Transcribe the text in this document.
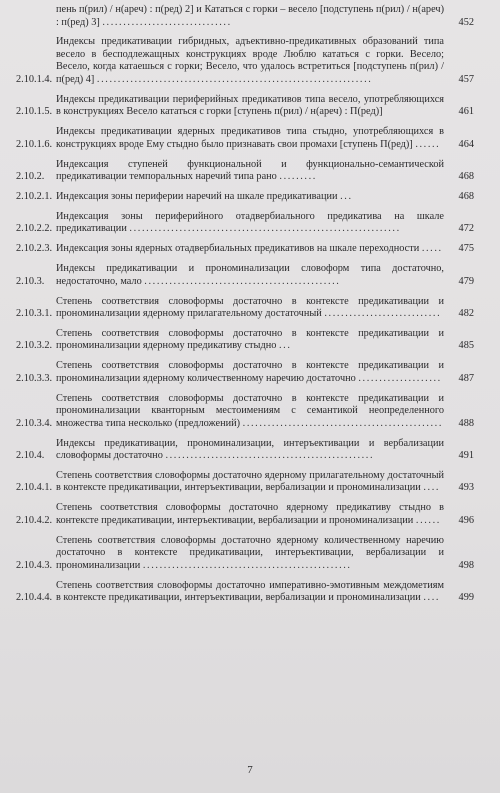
пень п(рил) / н(ареч) : п(ред) 2] и Кататься с горки – весело [подступень п(рил) / н(ареч) : п(ред) 3] ...............................	452
2.10.1.4.
Индексы предикативации гибридных, адъективно-предикативных образований типа весело в бесподлежащных конструкциях вроде Люблю кататься с горки. Весело; Весело, когда катаешься с горки; Весело, что удалось встретиться [подступень п(рил) / п(ред) 4] ..................................................................	457
2.10.1.5.
Индексы предикативации периферийных предикативов типа весело, употребляющихся в конструкциях Весело кататься с горки [ступень п(рил) / н(ареч) : П(ред)]	461
2.10.1.6.
Индексы предикативации ядерных предикативов типа стыдно, употребляющихся в конструкциях вроде Ему стыдно было признавать свои промахи [ступень П(ред)] ......	464
2.10.2.
Индексация ступеней функциональной и функционально-семантической предикативации темпоральных наречий типа рано .........	468
2.10.2.1. Индексация зоны периферии наречий на шкале предикативации ...	468
2.10.2.2.
Индексация зоны периферийного отадвербиального предикатива на шкале предикативации .................................................................	472
2.10.2.3. Индексация зоны ядерных отадвербиальных предикативов на шкале переходности .....	475
2.10.3.
Индексы предикативации и прономинализации словоформ типа достаточно, недостаточно, мало ...............................................	479
2.10.3.1.
Степень соответствия словоформы достаточно в контексте предикативации и прономинализации ядерному прилагательному достаточный ............................	482
2.10.3.2.
Степень соответствия словоформы достаточно в контексте предикативации и прономинализации ядерному предикативу стыдно ...	485
2.10.3.3.
Степень соответствия словоформы достаточно в контексте предикативации и прономинализации ядерному количественному наречию достаточно ....................	487
2.10.3.4.
Степень соответствия словоформы достаточно в контексте предикативации и прономинализации кванторным местоимениям с семантикой неопределенного множества типа несколько (предложений) ................................................	488
2.10.4.
Индексы предикативации, прономинализации, интеръективации и вербализации словоформы достаточно ..................................................	491
2.10.4.1.
Степень соответствия словоформы достаточно ядерному прилагательному достаточный в контексте предикативации, интеръективации, вербализации и прономинализации ....	493
2.10.4.2.
Степень соответствия словоформы достаточно ядерному предикативу стыдно в контексте предикативации, интеръективации, вербализации и прономинализации ......	496
2.10.4.3.
Степень соответствия словоформы достаточно ядерному количественному наречию достаточно в контексте предикативации, интеръективации, вербализации и прономинализации ..................................................	498
2.10.4.4.
Степень соответствия словоформы достаточно императивно-эмотивным междометиям в контексте предикативации, интеръективации, вербализации и прономинализации ....	499
7
